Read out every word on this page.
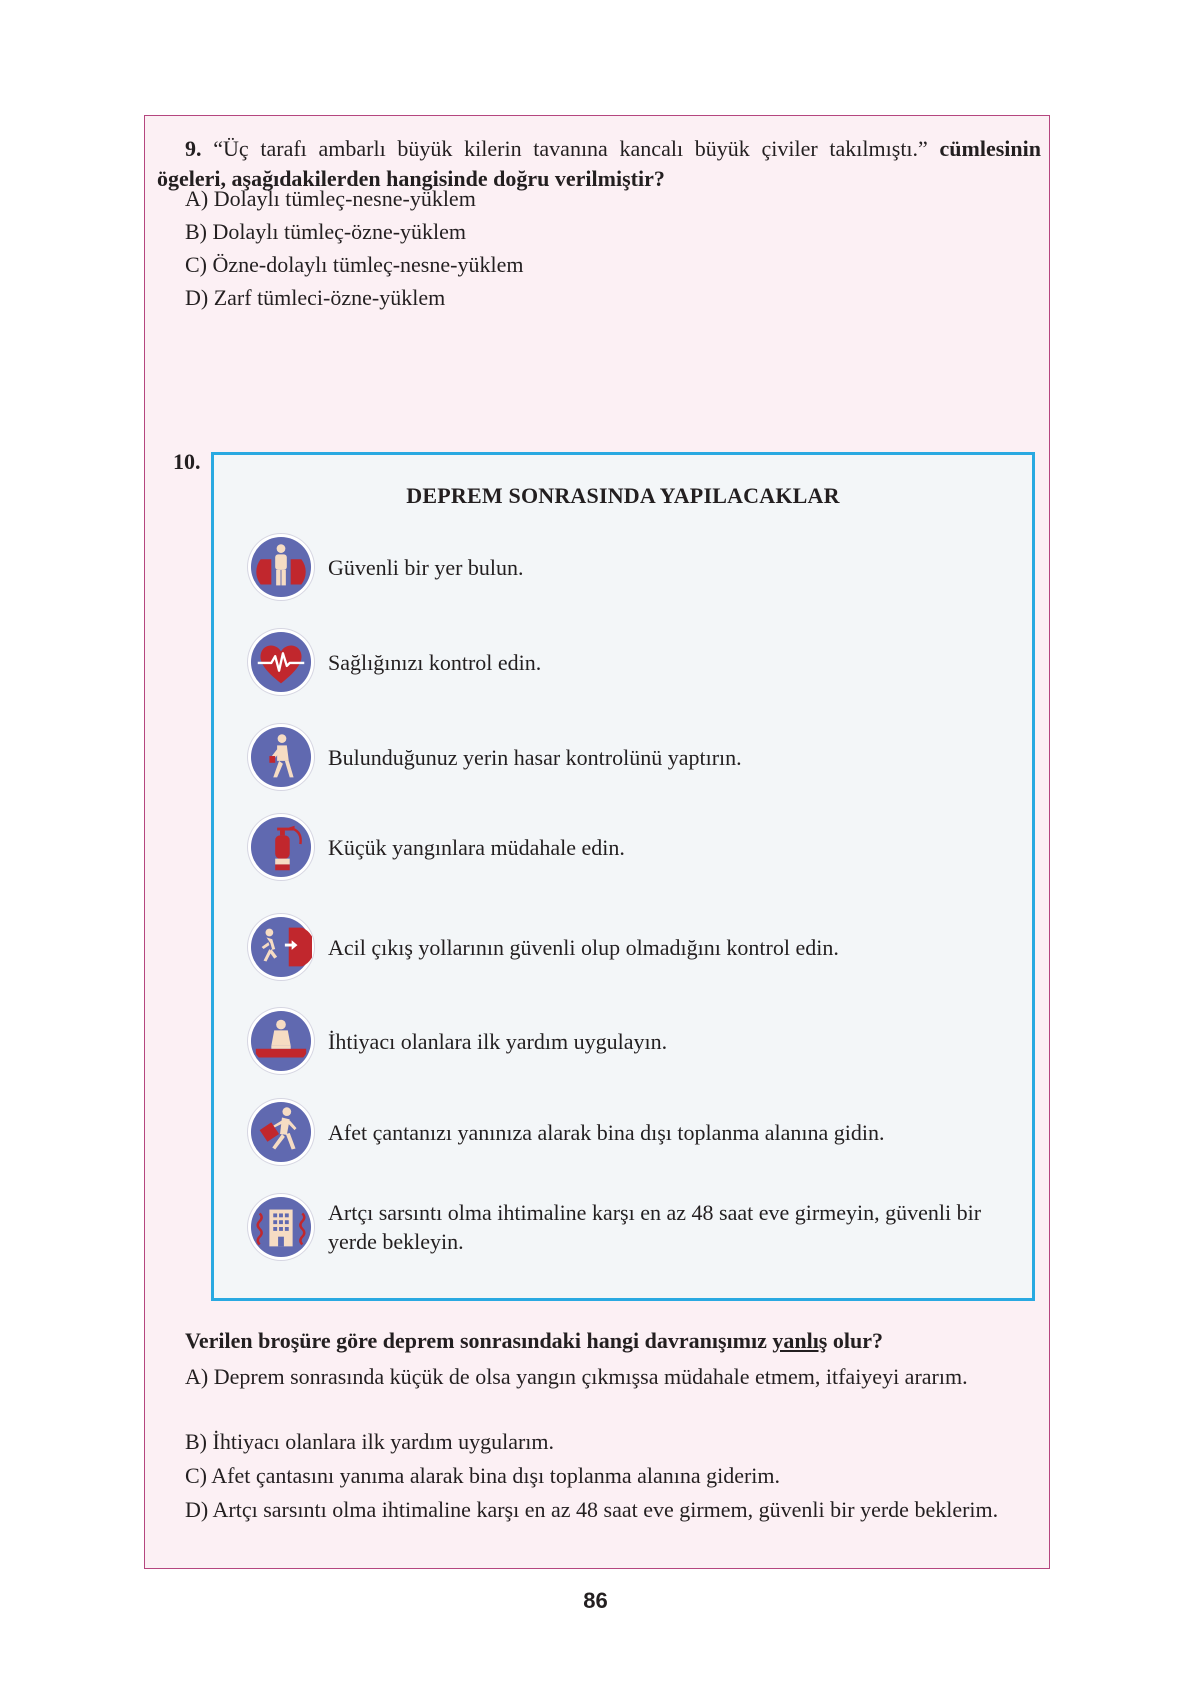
9. “Üç tarafı ambarlı büyük kilerin tavanına kancalı büyük çiviler takılmıştı.” cümlesinin ögeleri, aşağıdakilerden hangisinde doğru verilmiştir?
A) Dolaylı tümleç-nesne-yüklem
B) Dolaylı tümleç-özne-yüklem
C) Özne-dolaylı tümleç-nesne-yüklem
D) Zarf tümleci-özne-yüklem
10.
DEPREM SONRASINDA YAPILACAKLAR
Güvenli bir yer bulun.
Sağlığınızı kontrol edin.
Bulunduğunuz yerin hasar kontrolünü yaptırın.
Küçük yangınlara müdahale edin.
Acil çıkış yollarının güvenli olup olmadığını kontrol edin.
İhtiyacı olanlara ilk yardım uygulayın.
Afet çantanızı yanınıza alarak bina dışı toplanma alanına gidin.
Artçı sarsıntı olma ihtimaline karşı en az 48 saat eve girmeyin, güvenli bir yerde bekleyin.
Verilen broşüre göre deprem sonrasındaki hangi davranışımız yanlış olur?
A) Deprem sonrasında küçük de olsa yangın çıkmışsa müdahale etmem, itfaiyeyi ararım.
B) İhtiyacı olanlara ilk yardım uygularım.
C) Afet çantasını yanıma alarak bina dışı toplanma alanına giderim.
D) Artçı sarsıntı olma ihtimaline karşı en az 48 saat eve girmem, güvenli bir yerde beklerim.
86
